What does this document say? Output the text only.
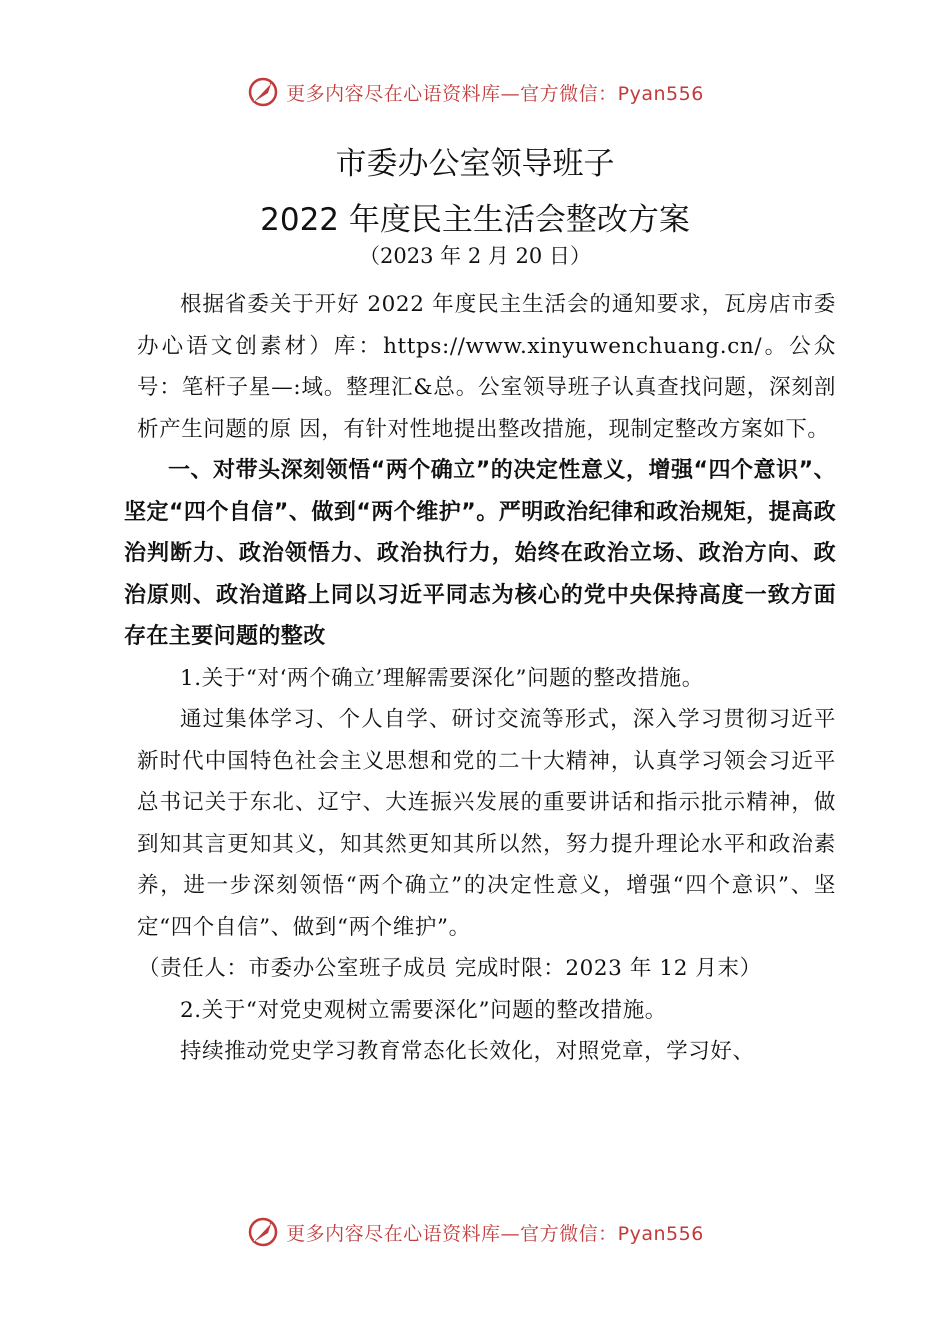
更多内容尽在心语资料库—官方微信：Pyan556
市委办公室领导班子
2022 年度民主生活会整改方案
（2023 年 2 月 20 日）

根据省委关于开好 2022 年度民主生活会的通知要求，瓦房店市委办心语文创素材）库：https://www.xinyuwenchuang.cn/。公众号：笔杆子星—:域。整理汇&总。公室领导班子认真查找问题，深刻剖析产生问题的原 因，有针对性地提出整改措施，现制定整改方案如下。

一、对带头深刻领悟“两个确立”的决定性意义，增强“四个意识”、坚定“四个自信”、做到“两个维护”。严明政治纪律和政治规矩，提高政治判断力、政治领悟力、政治执行力，始终在政治立场、政治方向、政治原则、政治道路上同以习近平同志为核心的党中央保持高度一致方面存在主要问题的整改

1.关于“对‘两个确立’理解需要深化”问题的整改措施。

通过集体学习、个人自学、研讨交流等形式，深入学习贯彻习近平新时代中国特色社会主义思想和党的二十大精神，认真学习领会习近平总书记关于东北、辽宁、大连振兴发展的重要讲话和指示批示精神，做到知其言更知其义，知其然更知其所以然，努力提升理论水平和政治素养，进一步深刻领悟“两个确立”的决定性意义，增强“四个意识”、坚定“四个自信”、做到“两个维护”。

（责任人：市委办公室班子成员 完成时限：2023 年 12 月末）

2.关于“对党史观树立需要深化”问题的整改措施。

持续推动党史学习教育常态化长效化，对照党章，学习好、

更多内容尽在心语资料库—官方微信：Pyan556
